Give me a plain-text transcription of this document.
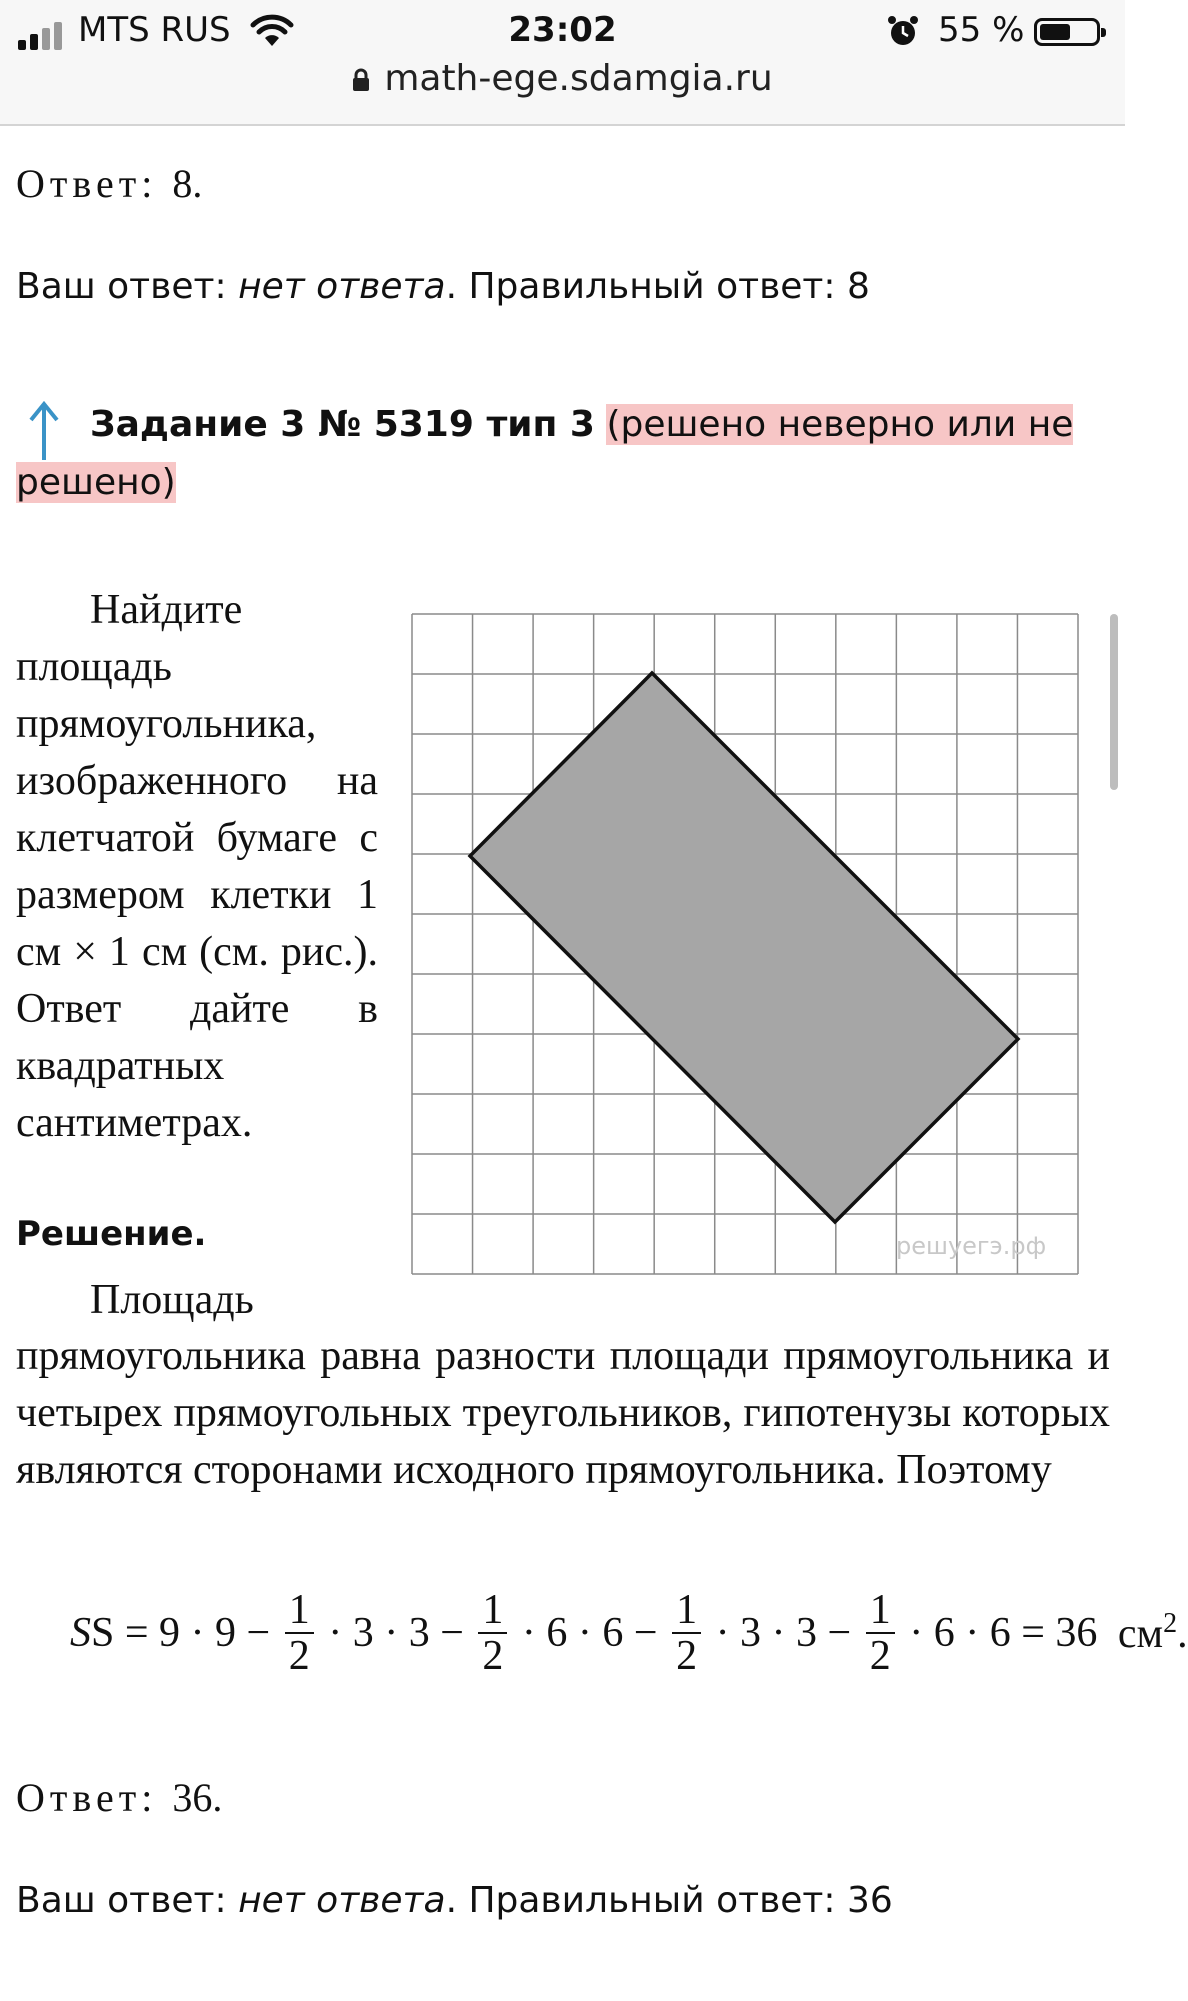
MTS RUS	23:02	55 %
math-ege.sdamgia.ru
Ответ: 8.
Ваш ответ: нет ответа. Правильный ответ: 8
Задание 3 № 5319 тип 3 (решено неверно или не решено)
Найдите площадь прямоугольника, изображенного на клетчатой бумаге с размером клетки 1 см × 1 см (см. рис.). Ответ дайте в квадратных сантиметрах.
решуегэ.рф
Решение.
Площадь
прямоугольника равна разности площади прямоугольника и четырех прямоугольных треугольников, гипотенузы которых являются сторонами исходного прямоугольника. Поэтому
SS = $9 \cdot 9 - \frac{1}{2} \cdot 3 \cdot 3 - \frac{1}{2} \cdot 6 \cdot 6 - \frac{1}{2} \cdot 3 \cdot 3 - \frac{1}{2} \cdot 6 \cdot 6 = 36$ $см^2$.
Ответ: 36.
Ваш ответ: нет ответа. Правильный ответ: 36
